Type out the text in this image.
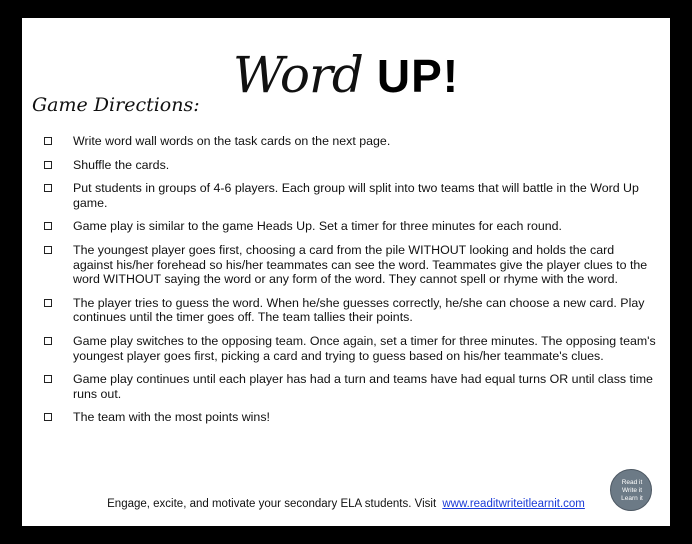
Word UP!
Game Directions:
Write word wall words on the task cards on the next page.
Shuffle the cards.
Put students in groups of 4-6 players. Each group will split into two teams that will battle in the Word Up game.
Game play is similar to the game Heads Up. Set a timer for three minutes for each round.
The youngest player goes first, choosing a card from the pile WITHOUT looking and holds the card against his/her forehead so his/her teammates can see the word. Teammates give the player clues to the word WITHOUT saying the word or any form of the word. They cannot spell or rhyme with the word.
The player tries to guess the word. When he/she guesses correctly, he/she can choose a new card. Play continues until the timer goes off. The team tallies their points.
Game play switches to the opposing team. Once again, set a timer for three minutes. The opposing team's youngest player goes first, picking a card and trying to guess based on his/her teammate's clues.
Game play continues until each player has had a turn and teams have had equal turns OR until class time runs out.
The team with the most points wins!
Read it
Write it
Learn it
Engage, excite, and motivate your secondary ELA students. Visit www.readitwriteitlearnit.com
